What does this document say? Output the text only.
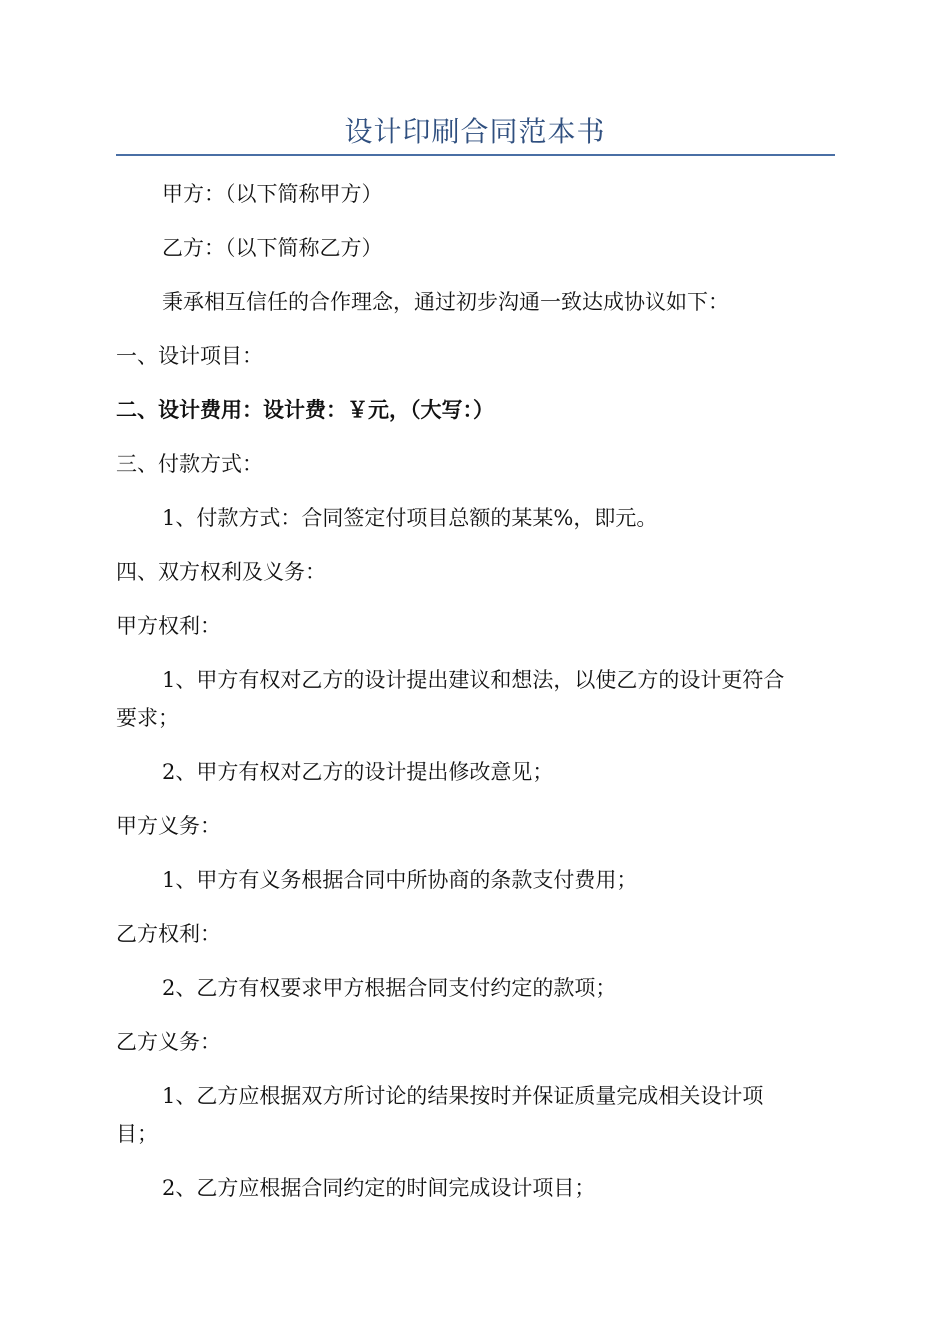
设计印刷合同范本书
甲方：（以下简称甲方）
乙方：（以下简称乙方）
秉承相互信任的合作理念，通过初步沟通一致达成协议如下：
一、设计项目：
二、设计费用：设计费：￥元，（大写：）
三、付款方式：
1、付款方式：合同签定付项目总额的某某%，即元。
四、双方权利及义务：
甲方权利：
1、甲方有权对乙方的设计提出建议和想法，以使乙方的设计更符合
要求；
2、甲方有权对乙方的设计提出修改意见；
甲方义务：
1、甲方有义务根据合同中所协商的条款支付费用；
乙方权利：
2、乙方有权要求甲方根据合同支付约定的款项；
乙方义务：
1、乙方应根据双方所讨论的结果按时并保证质量完成相关设计项
目；
2、乙方应根据合同约定的时间完成设计项目；
